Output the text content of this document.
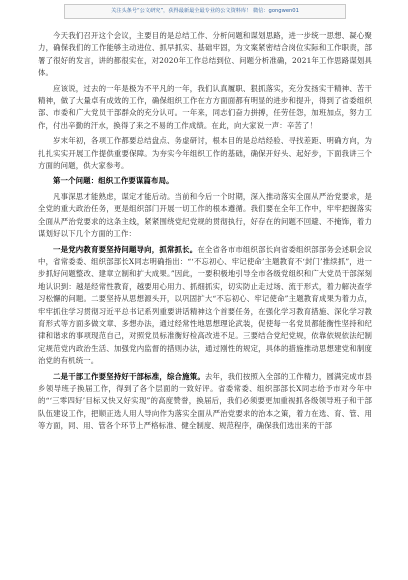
关注头条号“公文研究”，获得最新最全最专业的公文资料库！ 微信：gongwen01

今天我们召开这个会议，主要目的是总结工作、分析问题和谋划思路，进一步统一思想、凝心聚力，确保我们的工作能够主动进位、抓早抓实、基础牢固，为文案紧密结合岗位实际和工作职责，部署了很好的发言，讲的都很实在，对2020年工作总结到位、问题分析准确，2021年工作思路谋划具体。

应该说，过去的一年是极为不平凡的一年，我们认真履职、狠抓落实，充分发扬实干精神、苦干精神，做了大量卓有成效的工作，确保组织工作在方方面面都有明显的进步和提升，得到了省委组织部、市委和广大党员干部群众的充分认可。一年来，同志们奋力拼搏，任劳任怨，加班加点，努力工作，付出辛勤的汗水，换得了来之不易的工作成绩。在此，向大家说一声：辛苦了！

岁末年初，各项工作都要总结盘点、务虚研讨，根本目的是总结经验、寻找差距、明确方向，为扎扎实实开展工作提供重要保障。为夯实今年组织工作的基础，确保开好头、起好步，下面我讲三个方面的问题，供大家参考。

第一个问题：组织工作要谋篇布局。

凡事深思才能熟虑，谋定才能后动。当前和今后一个时期，深入推动落实全面从严治党要求，是全党的重大政治任务，更是组织部门开展一切工作的根本遵循。我们要在全年工作中，牢牢把握落实全面从严治党要求的这条主线，紧紧围绕党纪党规的贯彻执行，好存在的问题不回避、不掩饰，着力谋划好以下几个方面的工作：

一是党内教育要坚持问题导向，抓常抓长。在全省各市市组织部长向省委组织部部务会述职会议中，省常委委、组织部部长X同志明确指出：“‘不忘初心、牢记使命’主题教育不‘封门’推续抓”，进一步抓好问题整改、建章立制和扩大成果。”因此，一要积极地引导全市各级党组织和广大党员干部深刻地认识到：越是经常性教育，越要用心用力、抓细抓实，切实防止走过场、流于形式，着力解决查学习松懈的问题。二要坚持从思想源头开，以巩固扩大“不忘初心、牢记使命”主题教育成果为着力点，牢牢抓住学习贯彻习近平总书记系列重要讲话精神这个首要任务，在强化学习教育措施、深化学习教育形式等方面多做文章、多想办法，通过经常性地思想理论武装，促使每一名党员都能衡性坚持和纪律和谐求的事项现范自己，对照党员标准衡好检高改进不足。三要结合党纪党规，依靠依规依法纪制定规范党内政治生活、加强党内监督的措则办法，通过刚性的规定，具体的措施推动思想建党和制度治党的有机统一。

二是干部工作要坚持好干部标准，综合施策。去年，我们按照入全部的工作精力，圆满完成市县乡领导班子换届工作，得到了各个层面的一致好评。省委常委、组织部部长X同志给予市对今年中的“‘三零四好’目标又快又好实现”的高度赞誉，换届后，我们必须要更加重视抓各级领导班子和干部队伍建设工作，把顺正选人用人导向作为落实全面从严治党要求的治本之策，着力在选、育、管、用等方面，同、用、管各个环节上严格标准、健全制度、规范程序，确保我们选出来的干部
